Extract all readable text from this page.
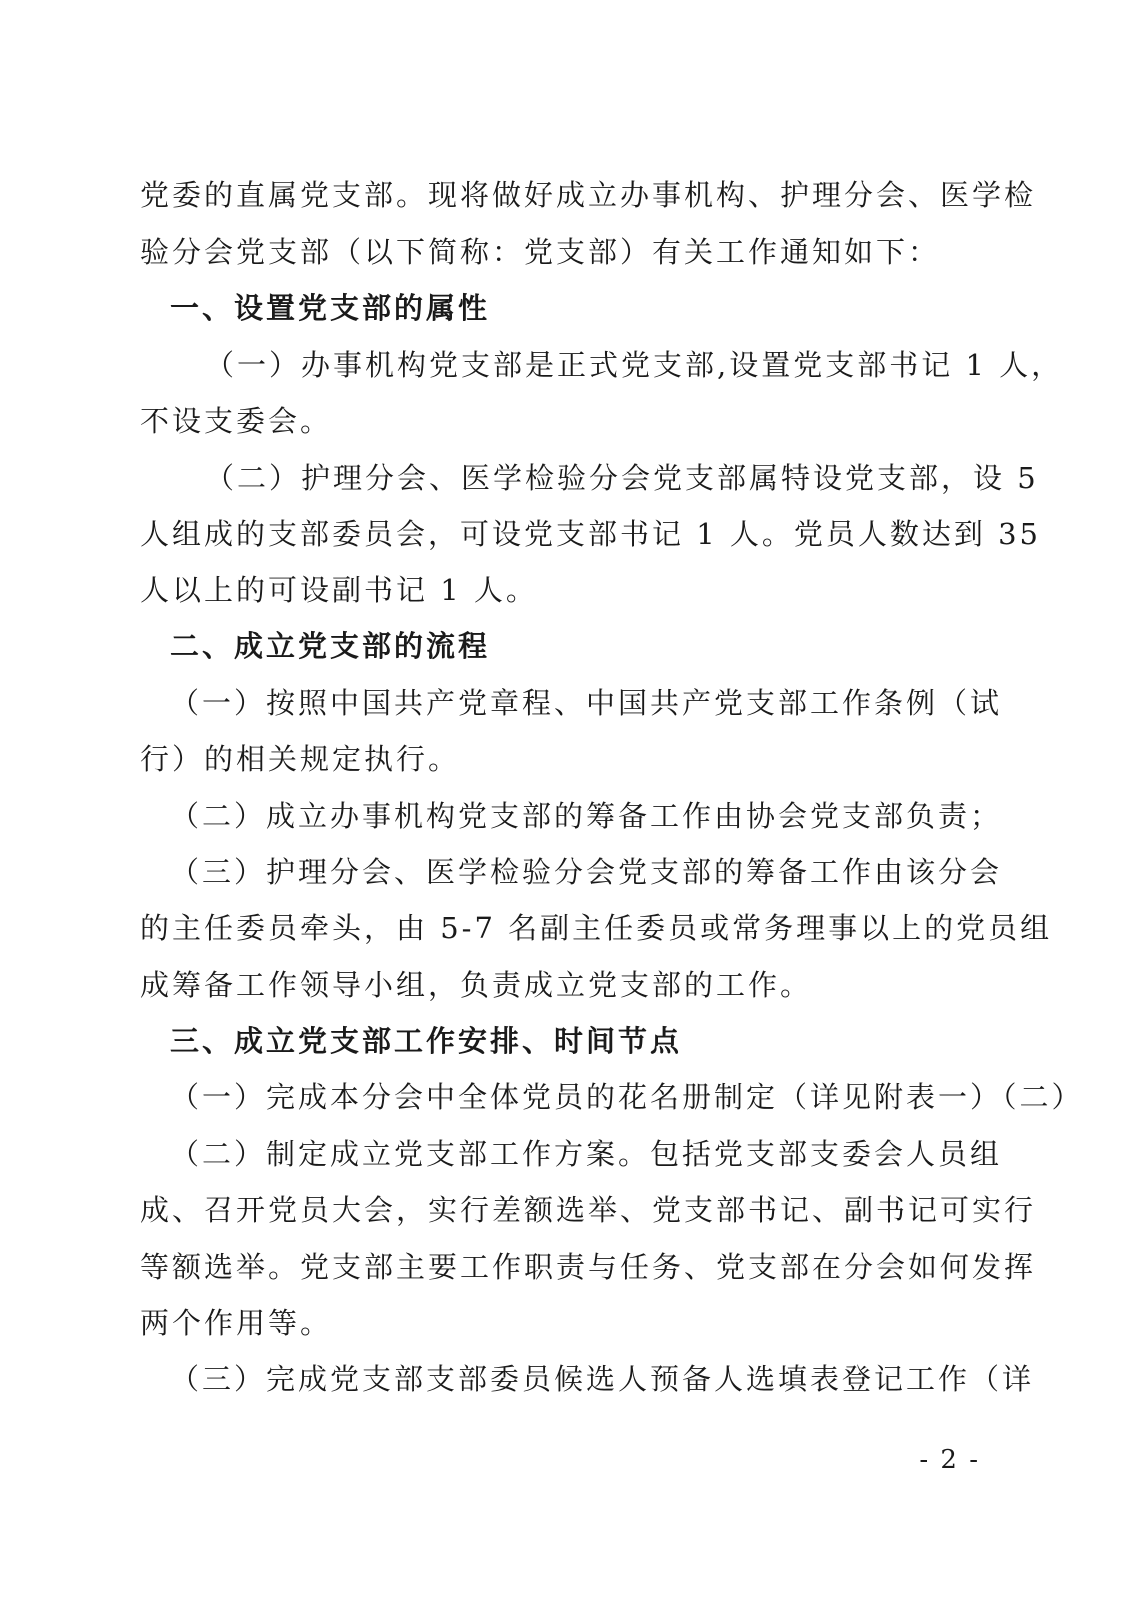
党委的直属党支部。现将做好成立办事机构、护理分会、医学检

验分会党支部（以下简称：党支部）有关工作通知如下：

一、设置党支部的属性

（一）办事机构党支部是正式党支部,设置党支部书记 1 人，

不设支委会。

（二）护理分会、医学检验分会党支部属特设党支部，设 5

人组成的支部委员会，可设党支部书记 1 人。党员人数达到 35

人以上的可设副书记 1 人。

二、成立党支部的流程

（一）按照中国共产党章程、中国共产党支部工作条例（试

行）的相关规定执行。

（二）成立办事机构党支部的筹备工作由协会党支部负责；

（三）护理分会、医学检验分会党支部的筹备工作由该分会

的主任委员牵头，由 5-7 名副主任委员或常务理事以上的党员组

成筹备工作领导小组，负责成立党支部的工作。

三、成立党支部工作安排、时间节点

（一）完成本分会中全体党员的花名册制定（详见附表一）（二）

（二）制定成立党支部工作方案。包括党支部支委会人员组

成、召开党员大会，实行差额选举、党支部书记、副书记可实行

等额选举。党支部主要工作职责与任务、党支部在分会如何发挥

两个作用等。

（三）完成党支部支部委员候选人预备人选填表登记工作（详

- 2 -
